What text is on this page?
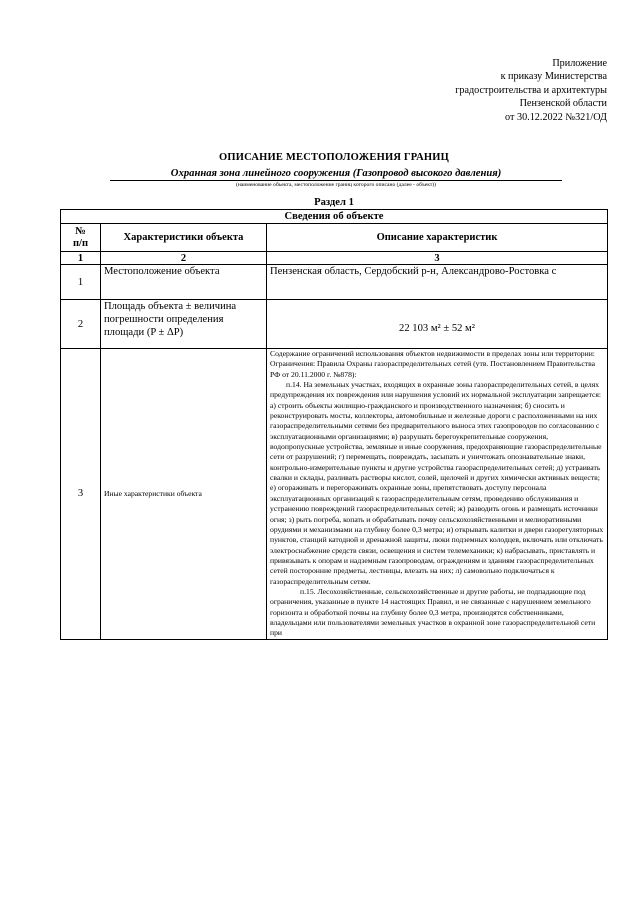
Приложение
к приказу Министерства
градостроительства и архитектуры
Пензенской области
от 30.12.2022 №321/ОД
ОПИСАНИЕ МЕСТОПОЛОЖЕНИЯ ГРАНИЦ
Охранная зона линейного сооружения (Газопровод высокого давления)
(наименование объекта, местоположение границ которого описано (далее - объект))
Раздел 1
Сведения об объекте		
№
п/п	Характеристики объекта	Описание характеристик
1	2	3
1	Местоположение объекта	Пензенская область, Сердобский р-н, Александрово-Ростовка с
2	Площадь объекта ± величина погрешности определения площади (P ± ΔP)	22 103 м² ± 52 м²
3	Иные характеристики объекта	Содержание ограничений использования объектов недвижимости в пределах зоны или территории: Ограничения: Правила Охраны газораспределительных сетей (утв. Постановлением Правительства РФ от 20.11.2000 г. №878):

п.14. На земельных участках, входящих в охранные зоны газораспределительных сетей, в целях предупреждения их повреждения или нарушения условий их нормальной эксплуатации запрещается: а) строить объекты жилищно-гражданского и производственного назначения; б) сносить и реконструировать мосты, коллекторы, автомобильные и железные дороги с расположенными на них газораспределительными сетями без предварительного выноса этих газопроводов по согласованию с эксплуатационными организациями; в) разрушать берегоукрепительные сооружения, водопропускные устройства, земляные и иные сооружения, предохраняющие газораспределительные сети от разрушений; г) перемещать, повреждать, засыпать и уничтожать опознавательные знаки, контрольно-измерительные пункты и другие устройства газораспределительных сетей; д) устраивать свалки и склады, разливать растворы кислот, солей, щелочей и других химически активных веществ; е) огораживать и перегораживать охранные зоны, препятствовать доступу персонала эксплуатационных организаций к газораспределительным сетям, проведению обслуживания и устранению повреждений газораспределительных сетей; ж) разводить огонь и размещать источники огня; з) рыть погреба, копать и обрабатывать почву сельскохозяйственными и мелиоративными орудиями и механизмами на глубину более 0,3 метра; и) открывать калитки и двери газорегуляторных пунктов, станций катодной и дренажной защиты, люки подземных колодцев, включать или отключать электроснабжение средств связи, освещения и систем телемеханики; к) набрасывать, приставлять и привязывать к опорам и надземным газопроводам, ограждениям и зданиям газораспределительных сетей посторонние предметы, лестницы, влезать на них; л) самовольно подключаться к газораспределительным сетям.

п.15. Лесохозяйственные, сельскохозяйственные и другие работы, не подпадающие под ограничения, указанные в пункте 14 настоящих Правил, и не связанные с нарушением земельного горизонта и обработкой почвы на глубину более 0,3 метра, производятся собственниками, владельцами или пользователями земельных участков в охранной зоне газораспределительной сети при
